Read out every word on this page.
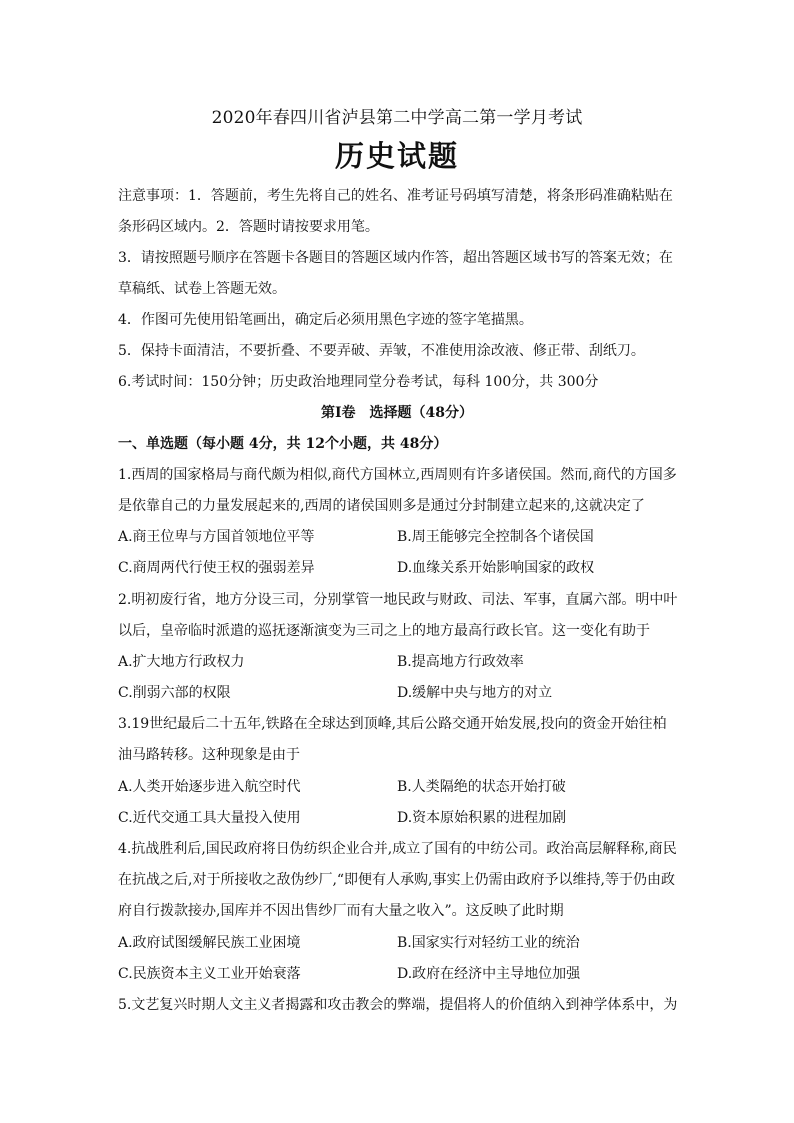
2020年春四川省泸县第二中学高二第一学月考试
历史试题
注意事项：1．答题前，考生先将自己的姓名、准考证号码填写清楚，将条形码准确粘贴在
条形码区域内。2．答题时请按要求用笔。
3．请按照题号顺序在答题卡各题目的答题区域内作答，超出答题区域书写的答案无效；在
草稿纸、试卷上答题无效。
4．作图可先使用铅笔画出，确定后必须用黑色字迹的签字笔描黑。
5．保持卡面清洁，不要折叠、不要弄破、弄皱，不准使用涂改液、修正带、刮纸刀。
6.考试时间：150分钟；历史政治地理同堂分卷考试，每科 100分，共 300分
第Ⅰ卷　选择题（48分）
一、单选题（每小题 4分，共 12个小题，共 48分）
1.西周的国家格局与商代颇为相似,商代方国林立,西周则有许多诸侯国。然而,商代的方国多
是依靠自己的力量发展起来的,西周的诸侯国则多是通过分封制建立起来的,这就决定了
A.商王位卑与方国首领地位平等	B.周王能够完全控制各个诸侯国
C.商周两代行使王权的强弱差异	D.血缘关系开始影响国家的政权
2.明初废行省，地方分设三司，分别掌管一地民政与财政、司法、军事，直属六部。明中叶
以后，皇帝临时派遣的巡抚逐渐演变为三司之上的地方最高行政长官。这一变化有助于
A.扩大地方行政权力	B.提高地方行政效率
C.削弱六部的权限	D.缓解中央与地方的对立
3.19世纪最后二十五年,铁路在全球达到顶峰,其后公路交通开始发展,投向的资金开始往柏
油马路转移。这种现象是由于
A.人类开始逐步进入航空时代	B.人类隔绝的状态开始打破
C.近代交通工具大量投入使用	D.资本原始积累的进程加剧
4.抗战胜利后,国民政府将日伪纺织企业合并,成立了国有的中纺公司。政治高层解释称,商民
在抗战之后,对于所接收之敌伪纱厂,“即便有人承购,事实上仍需由政府予以维持,等于仍由政
府自行拨款接办,国库并不因出售纱厂而有大量之收入”。这反映了此时期
A.政府试图缓解民族工业困境	B.国家实行对轻纺工业的统治
C.民族资本主义工业开始衰落	D.政府在经济中主导地位加强
5.文艺复兴时期人文主义者揭露和攻击教会的弊端，提倡将人的价值纳入到神学体系中，为
